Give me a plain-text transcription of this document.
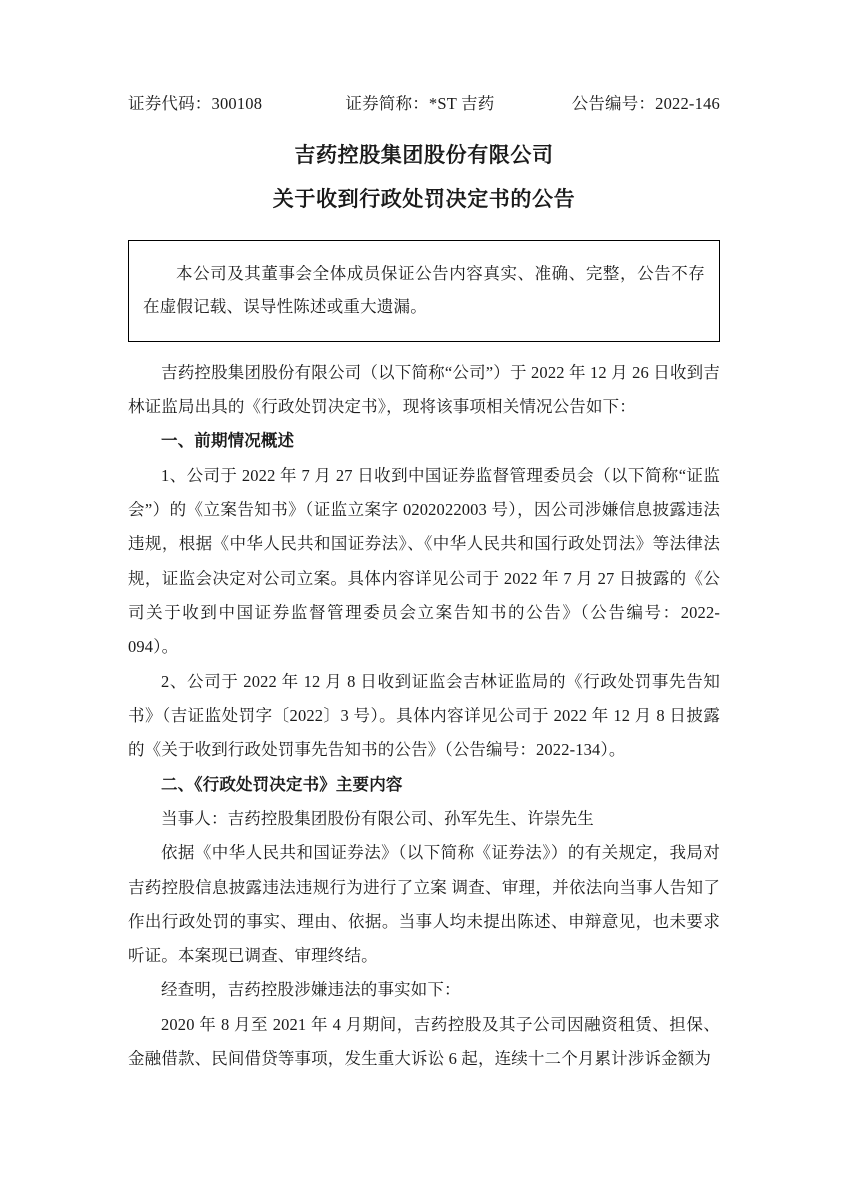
证券代码：300108	证券简称：*ST 吉药	公告编号：2022-146
吉药控股集团股份有限公司
关于收到行政处罚决定书的公告

本公司及其董事会全体成员保证公告内容真实、准确、完整，公告不存在虚假记载、误导性陈述或重大遗漏。

吉药控股集团股份有限公司（以下简称“公司”）于 2022 年 12 月 26 日收到吉林证监局出具的《行政处罚决定书》，现将该事项相关情况公告如下：

一、前期情况概述

1、公司于 2022 年 7 月 27 日收到中国证券监督管理委员会（以下简称“证监会”）的《立案告知书》（证监立案字 0202022003 号），因公司涉嫌信息披露违法违规，根据《中华人民共和国证券法》、《中华人民共和国行政处罚法》等法律法规，证监会决定对公司立案。具体内容详见公司于 2022 年 7 月 27 日披露的《公司关于收到中国证券监督管理委员会立案告知书的公告》（公告编号：2022-094）。

2、公司于 2022 年 12 月 8 日收到证监会吉林证监局的《行政处罚事先告知书》（吉证监处罚字〔2022〕3 号）。具体内容详见公司于 2022 年 12 月 8 日披露的《关于收到行政处罚事先告知书的公告》（公告编号：2022-134）。

二、《行政处罚决定书》主要内容

当事人：吉药控股集团股份有限公司、孙军先生、许崇先生

依据《中华人民共和国证券法》（以下简称《证券法》）的有关规定，我局对吉药控股信息披露违法违规行为进行了立案 调查、审理，并依法向当事人告知了作出行政处罚的事实、理由、依据。当事人均未提出陈述、申辩意见，也未要求听证。本案现已调查、审理终结。

经查明，吉药控股涉嫌违法的事实如下：

2020 年 8 月至 2021 年 4 月期间，吉药控股及其子公司因融资租赁、担保、金融借款、民间借贷等事项，发生重大诉讼 6 起，连续十二个月累计涉诉金额为
